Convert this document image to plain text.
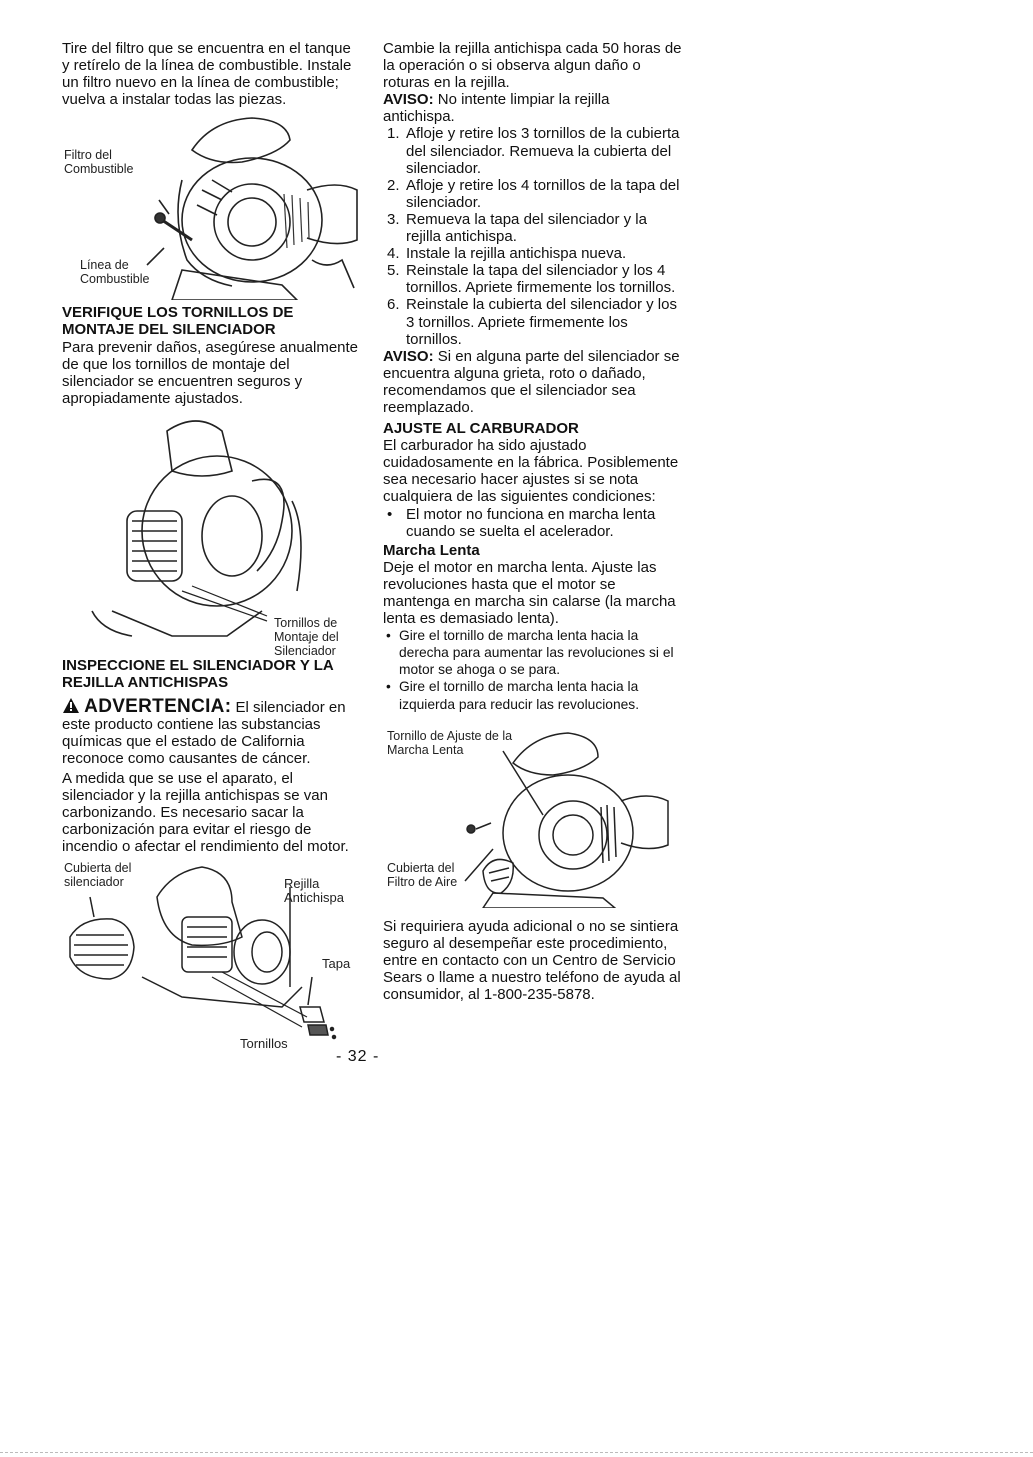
Tire del filtro que se encuentra en el tanque y retírelo de la línea de combustible. Instale un filtro nuevo en la línea de combustible; vuelva a instalar todas las piezas.

Filtro del Combustible
Línea de Combustible
VERIFIQUE LOS TORNILLOS DE MONTAJE DEL SILENCIADOR

Para prevenir daños, asegúrese anualmente de que los tornillos de montaje del silenciador se encuentren seguros y apropiadamente ajustados.

Tornillos de Montaje del Silenciador
INSPECCIONE EL SILENCIADOR Y LA REJILLA ANTICHISPAS

ADVERTENCIA: El silenciador en este producto contiene las substancias químicas que el estado de California reconoce como causantes de cáncer.

A medida que se use el aparato, el silenciador y la rejilla antichispas se van carbonizando. Es necesario sacar la carbonización para evitar el riesgo de incendio o afectar el rendimiento del motor.

Cubierta del silenciador	Rejilla Antichispa
Tapa
Tornillos

Cambie la rejilla antichispa cada 50 horas de la operación o si observa algun daño o roturas en la rejilla.

AVISO: No intente limpiar la rejilla antichispa.

1. Afloje y retire los 3 tornillos de la cubierta del silenciador. Remueva la cubierta del silenciador.
2. Afloje y retire los 4 tornillos de la tapa del silenciador.
3. Remueva la tapa del silenciador y la rejilla antichispa.
4. Instale la rejilla antichispa nueva.
5. Reinstale la tapa del silenciador y los 4 tornillos. Apriete firmemente los tornillos.
6. Reinstale la cubierta del silenciador y los 3 tornillos. Apriete firmemente los tornillos.

AVISO: Si en alguna parte del silenciador se encuentra alguna grieta, roto o dañado, recomendamos que el silenciador sea reemplazado.

AJUSTE AL CARBURADOR

El carburador ha sido ajustado cuidadosamente en la fábrica. Posiblemente sea necesario hacer ajustes si se nota cualquiera de las siguientes condiciones:

• El motor no funciona en marcha lenta cuando se suelta el acelerador.
Marcha Lenta

Deje el motor en marcha lenta. Ajuste las revoluciones hasta que el motor se mantenga en marcha sin calarse (la marcha lenta es demasiado lenta).

• Gire el tornillo de marcha lenta hacia la derecha para aumentar las revoluciones si el motor se ahoga o se para.
• Gire el tornillo de marcha lenta hacia la izquierda para reducir las revoluciones.
Tornillo de Ajuste de la Marcha Lenta
Cubierta del Filtro de Aire

Si requiriera ayuda adicional o no se sintiera seguro al desempeñar este procedimiento, entre en contacto con un Centro de Servicio Sears o llame a nuestro teléfono de ayuda al consumidor, al 1-800-235-5878.

- 32 -
